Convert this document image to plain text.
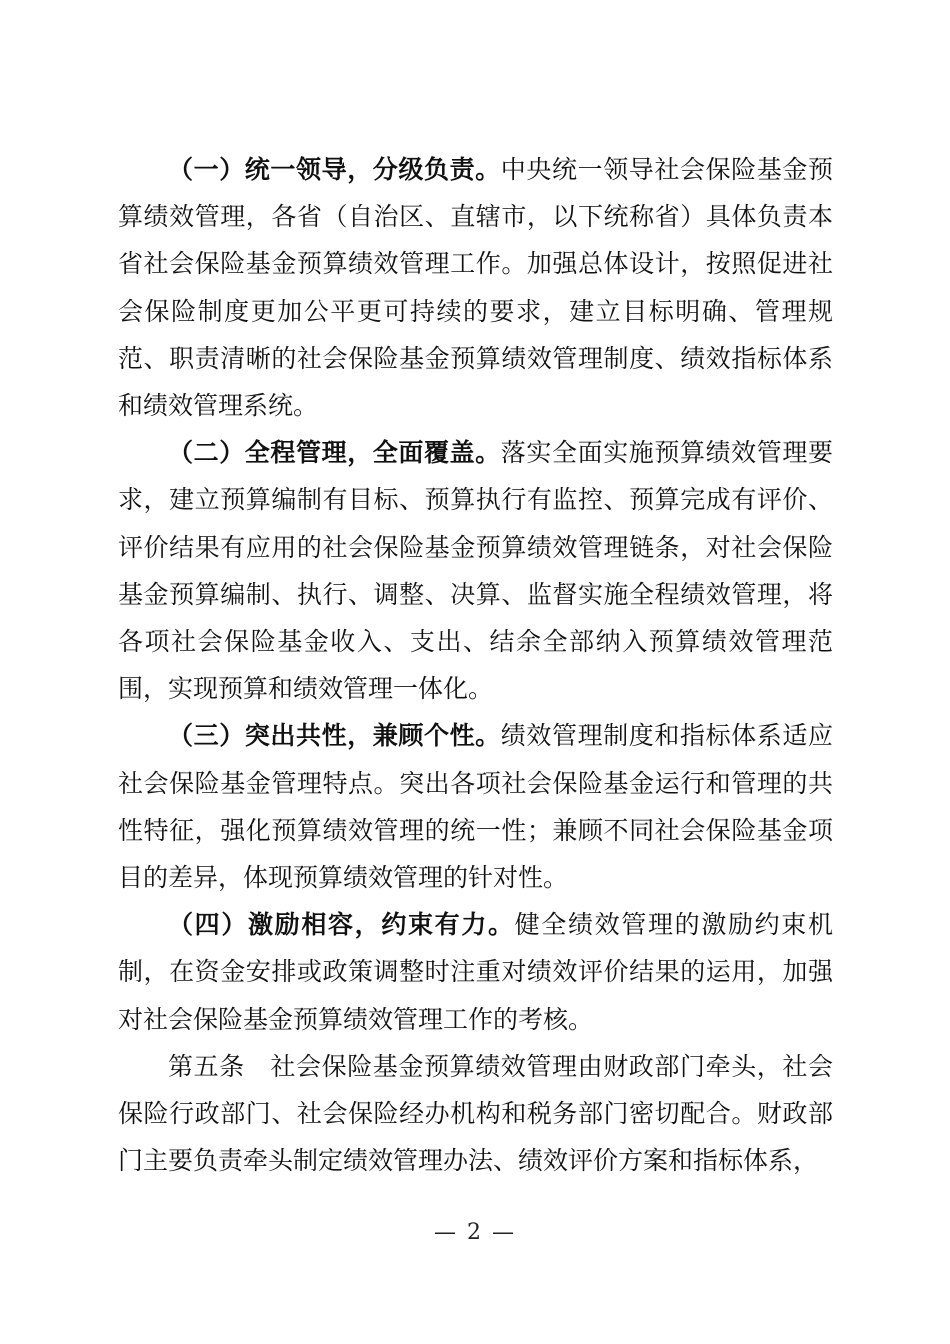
（一）统一领导，分级负责。中央统一领导社会保险基金预算绩效管理，各省（自治区、直辖市，以下统称省）具体负责本省社会保险基金预算绩效管理工作。加强总体设计，按照促进社会保险制度更加公平更可持续的要求，建立目标明确、管理规范、职责清晰的社会保险基金预算绩效管理制度、绩效指标体系和绩效管理系统。

（二）全程管理，全面覆盖。落实全面实施预算绩效管理要求，建立预算编制有目标、预算执行有监控、预算完成有评价、评价结果有应用的社会保险基金预算绩效管理链条，对社会保险基金预算编制、执行、调整、决算、监督实施全程绩效管理，将各项社会保险基金收入、支出、结余全部纳入预算绩效管理范围，实现预算和绩效管理一体化。

（三）突出共性，兼顾个性。绩效管理制度和指标体系适应社会保险基金管理特点。突出各项社会保险基金运行和管理的共性特征，强化预算绩效管理的统一性；兼顾不同社会保险基金项目的差异，体现预算绩效管理的针对性。

（四）激励相容，约束有力。健全绩效管理的激励约束机制，在资金安排或政策调整时注重对绩效评价结果的运用，加强对社会保险基金预算绩效管理工作的考核。

第五条　社会保险基金预算绩效管理由财政部门牵头，社会保险行政部门、社会保险经办机构和税务部门密切配合。财政部门主要负责牵头制定绩效管理办法、绩效评价方案和指标体系，

— 2 —
